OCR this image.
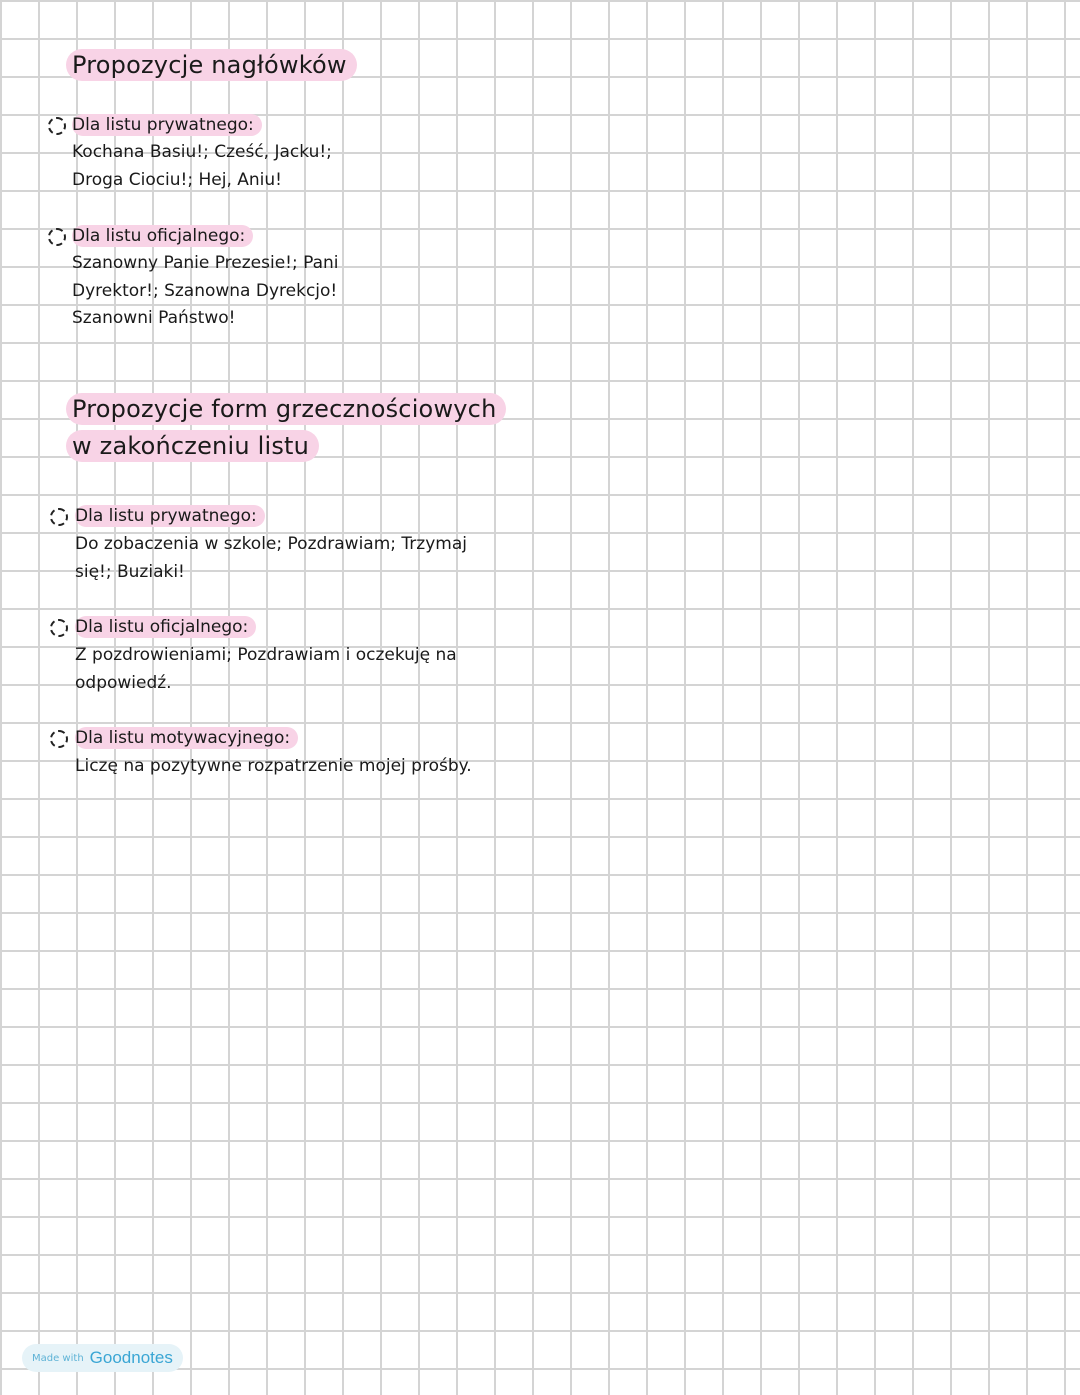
Propozycje nagłówków
Dla listu prywatnego:
Kochana Basiu!; Cześć, Jacku!; Droga Ciociu!; Hej, Aniu!
Dla listu oficjalnego:
Szanowny Panie Prezesie!; Pani Dyrektor!; Szanowna Dyrekcjo! Szanowni Państwo!
Propozycje form grzecznościowych
w zakończeniu listu
Dla listu prywatnego:
Do zobaczenia w szkole; Pozdrawiam; Trzymaj się!; Buziaki!
Dla listu oficjalnego:
Z pozdrowieniami; Pozdrawiam i oczekuję na odpowiedź.
Dla listu motywacyjnego:
Liczę na pozytywne rozpatrzenie mojej prośby.
Made with Goodnotes
